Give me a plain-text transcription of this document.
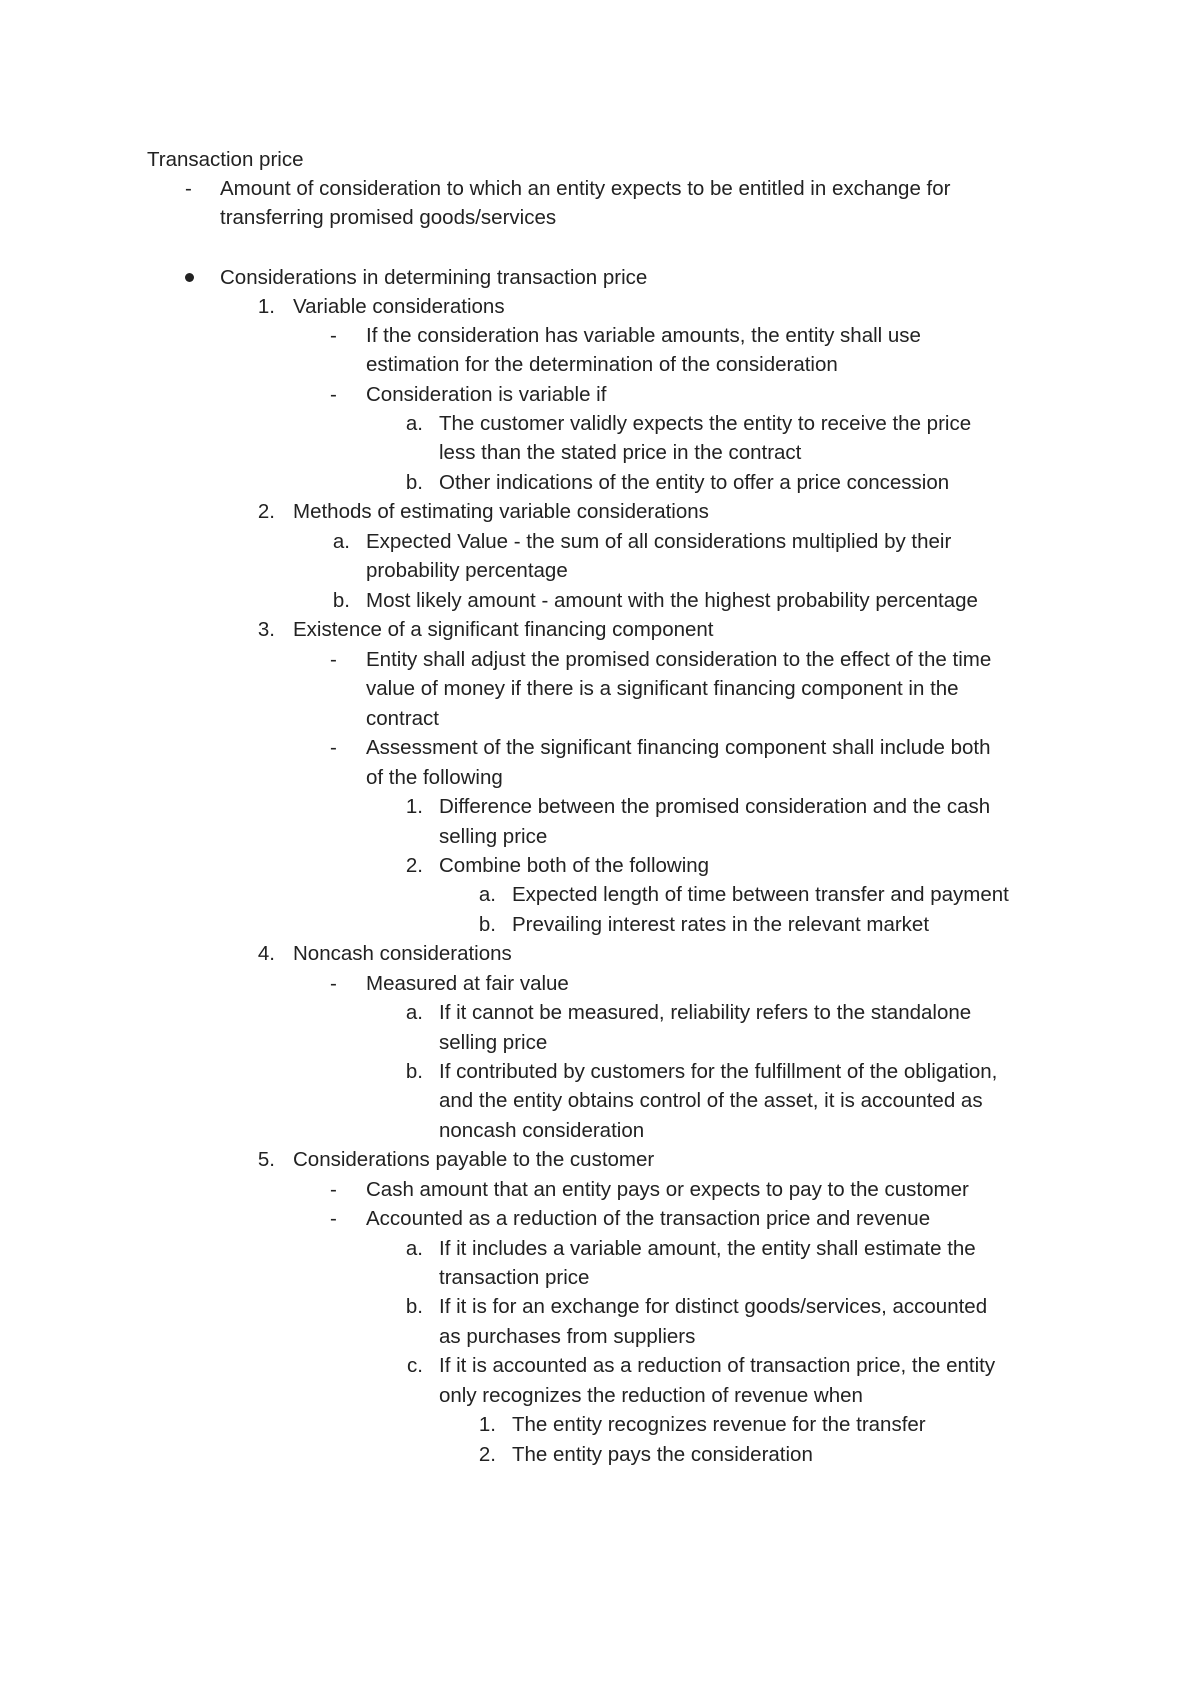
Transaction price
- Amount of consideration to which an entity expects to be entitled in exchange for
transferring promised goods/services
Considerations in determining transaction price
1. Variable considerations
- If the consideration has variable amounts, the entity shall use
estimation for the determination of the consideration
- Consideration is variable if
a. The customer validly expects the entity to receive the price
less than the stated price in the contract
b. Other indications of the entity to offer a price concession
2. Methods of estimating variable considerations
a. Expected Value - the sum of all considerations multiplied by their
probability percentage
b. Most likely amount - amount with the highest probability percentage
3. Existence of a significant financing component
- Entity shall adjust the promised consideration to the effect of the time
value of money if there is a significant financing component in the
contract
- Assessment of the significant financing component shall include both
of the following
1. Difference between the promised consideration and the cash
selling price
2. Combine both of the following
a. Expected length of time between transfer and payment
b. Prevailing interest rates in the relevant market
4. Noncash considerations
- Measured at fair value
a. If it cannot be measured, reliability refers to the standalone
selling price
b. If contributed by customers for the fulfillment of the obligation,
and the entity obtains control of the asset, it is accounted as
noncash consideration
5. Considerations payable to the customer
- Cash amount that an entity pays or expects to pay to the customer
- Accounted as a reduction of the transaction price and revenue
a. If it includes a variable amount, the entity shall estimate the
transaction price
b. If it is for an exchange for distinct goods/services, accounted
as purchases from suppliers
c. If it is accounted as a reduction of transaction price, the entity
only recognizes the reduction of revenue when
1. The entity recognizes revenue for the transfer
2. The entity pays the consideration
